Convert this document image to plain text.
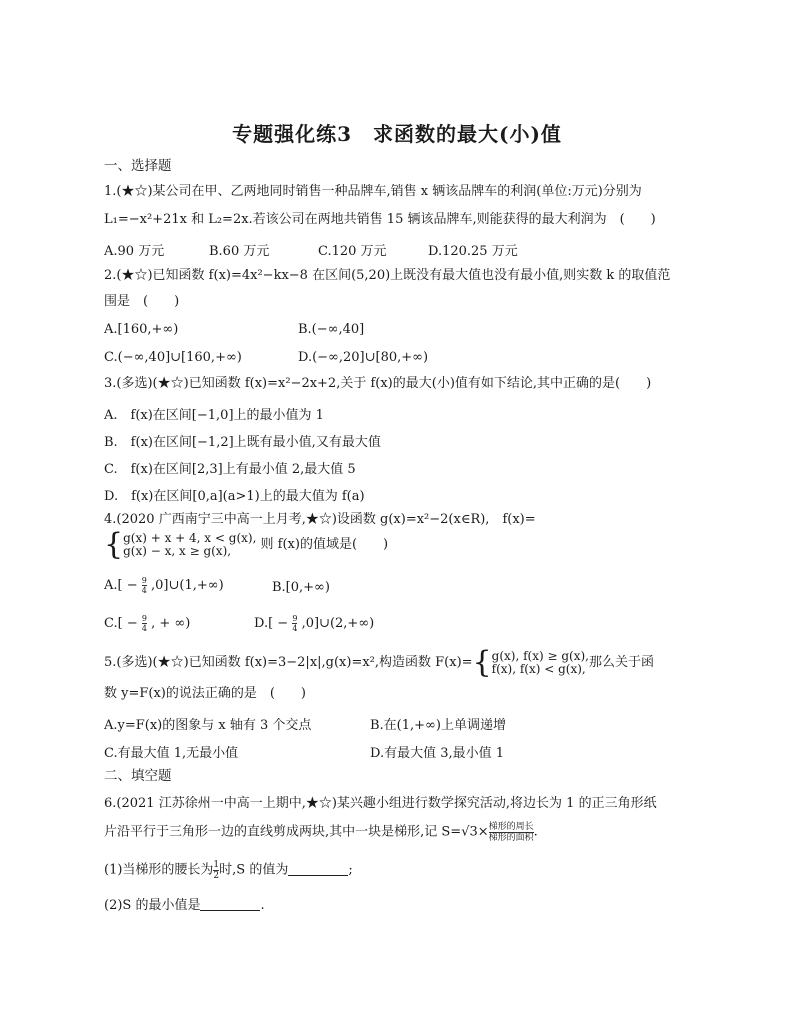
专题强化练3　求函数的最大(小)值
一、选择题
1.(★☆)某公司在甲、乙两地同时销售一种品牌车,销售 x 辆该品牌车的利润(单位:万元)分别为
L₁=−x²+21x 和 L₂=2x.若该公司在两地共销售 15 辆该品牌车,则能获得的最大利润为　(　　)
A.90 万元	B.60 万元	C.120 万元	D.120.25 万元
2.(★☆)已知函数 f(x)=4x²−kx−8 在区间(5,20)上既没有最大值也没有最小值,则实数 k 的取值范
围是　(　　)
A.[160,+∞)	B.(−∞,40]
C.(−∞,40]∪[160,+∞)	D.(−∞,20]∪[80,+∞)
3.(多选)(★☆)已知函数 f(x)=x²−2x+2,关于 f(x)的最大(小)值有如下结论,其中正确的是(　　)
A.　f(x)在区间[−1,0]上的最小值为 1
B.　f(x)在区间[−1,2]上既有最小值,又有最大值
C.　f(x)在区间[2,3]上有最小值 2,最大值 5
D.　f(x)在区间[0,a](a>1)上的最大值为 f(a)
4.(2020 广西南宁三中高一上月考,★☆)设函数 g(x)=x²−2(x∈R),　f(x)=
{ g(x) + x + 4, x < g(x),
g(x) − x, x ≥ g(x),	则 f(x)的值域是(　　)
$A.[ - \frac{9}{4}$ ,0]∪(1,+∞)	B.[0,+∞)
$C.[ - \frac{9}{4}$ , + ∞)	$D.[ - \frac{9}{4}$ ,0]∪(2,+∞)
5.(多选)(★☆)已知函数 f(x)=3−2|x|,g(x)=x²,构造函数 F(x)={ g(x), f(x) ≥ g(x),
f(x), f(x) < g(x), 那么关于函
数 y=F(x)的说法正确的是　(　　)
A.y=F(x)的图象与 x 轴有 3 个交点	B.在(1,+∞)上单调递增
C.有最大值 1,无最小值	D.有最大值 3,最小值 1
二、填空题
6.(2021 江苏徐州一中高一上期中,★☆)某兴趣小组进行数学探究活动,将边长为 1 的正三角形纸
片沿平行于三角形一边的直线剪成两块,其中一块是梯形,记 $S=√3\times \frac{\text{梯形的周长}}{\text{梯形的面积}}$ .
(1)当梯形的腰长为 $\frac{1}{2}$ 时,S 的值为	;
(2)S 的最小值是	.
